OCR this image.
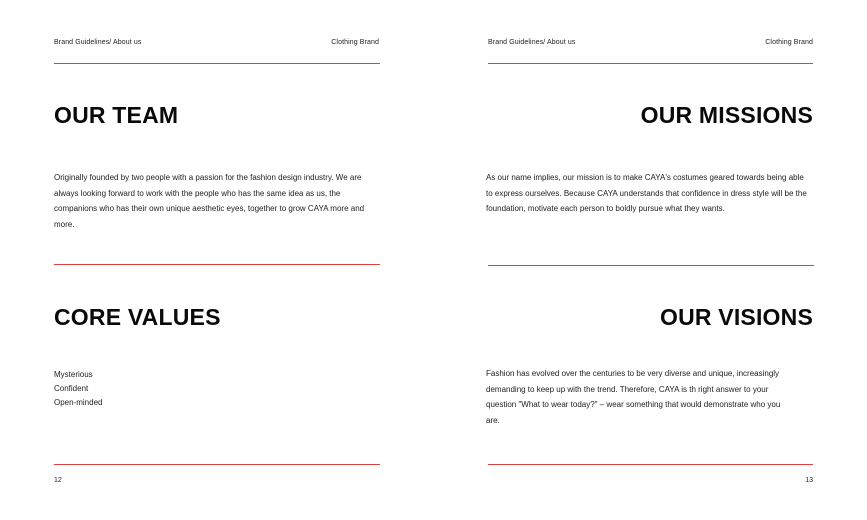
Brand Guidelines/ About us	Clothing Brand
OUR TEAM

Originally founded by two people with a passion for the fashion design industry. We are always looking forward to work with the people who has the same idea as us, the companions who has their own unique aesthetic eyes, together to grow CAYA more and more.

CORE VALUES
Mysterious
Confident
Open-minded
12
Brand Guidelines/ About us	Clothing Brand
OUR MISSIONS

As our name implies, our mission is to make CAYA's costumes geared towards being able to express ourselves. Because CAYA understands that confidence in dress style will be the foundation, motivate each person to boldly pursue what they wants.

OUR VISIONS

Fashion has evolved over the centuries to be very diverse and unique, increasingly demanding to keep up with the trend. Therefore, CAYA is th right answer to your question "What to wear today?" – wear something that would demonstrate who you are.

13
